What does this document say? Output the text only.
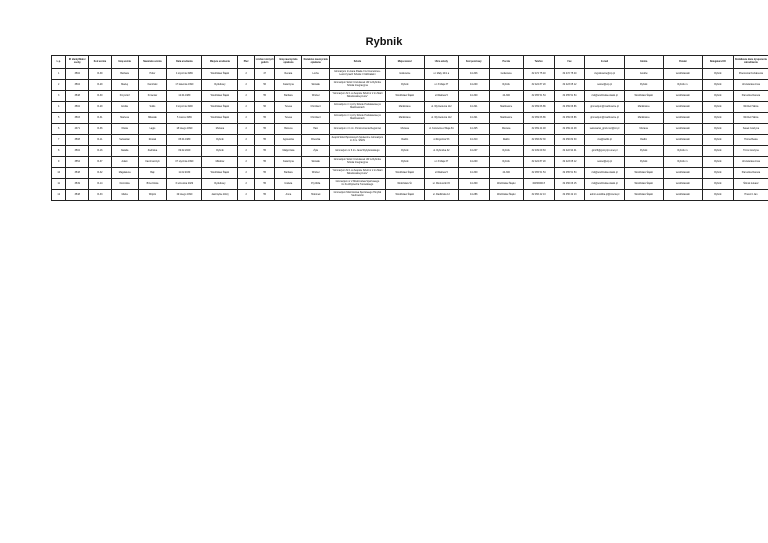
Rybnik
L.p.	ID identyfikator osoby	Kod ucznia	Imię ucznia	Nazwisko ucznia	Data urodzenia	Miejsce urodzenia	Płeć	Liczba rocznych godzin	Imię nauczyciela opiekuna	Nazwisko nauczyciela opiekuna	Szkoła	Miejscowość	Ulica szkoły	Kod pocztowy	Poczta	Telefon	Fax	E-mail	Gmina	Powiat	Delegatura KO	Dodatkowe dane dysponenta zatrudnienia
1	3502	R-39	Barbara	Hofer	4 stycznia 1989	Wodzisław Śląski	2	47	Renata	Loche	Gimnazjum im.Jana Pawła II w Czerwionce-Leszczynach Szkoła z Oddziałami	Gotkowice	ul. Mały 10/1 a	44-346	Gotkowice	32 472 75 40	32 472 75 40	zsgotkowice@op.pl	Godów	wodzisławski	Rybnik	Pracownia Kształcenia
2	3504	R-29	Maciej	Kamiński	17 kwietnia 1990	Rydułtowy	2	56	Katarzyna	Słowiak	Gimnazjum Sióstr Urszulanek UR w Rybniku Szkoła Integracyjna	Rybnik	ul. 3 Maja 37	44-200	Rybnik	32 422 87 20	32 423 05 12	sekret@wp.pl	Rybnik	Rybnik m.	Rybnik	Urszulanka Anna
3	3548	R-30	Krzysztof	Kmieniar	12.04.1989	Wodzisław Śląski	2	55	Barbara	Wrobel	"Gimnazjum Nr 1 w Zespole Szkół nr 2 im.Marii Skłodowskiej-Curie"	Wodzisław Śląski	ul.Wałowa 5	44-300	44-300	32 455 51 54	32 455 51 54	zs2@wodzislaw-slaski.pl	Wodzisław Śląski	wodzisławski	Rybnik	Paruszka Danuta
4	3502	R-29	Emilia	Sołtis	9 stycznia 1990	Wodzisław Śląski	2	56	Teresa	Chrobacz	Gimnazjum nr 1 przy Szkole Podstawowej w Marklowicach	Marklowice	ul. Wyzwolenia 112	44-321	Marklowice	32 459 66 86	32 459 66 86	gimnazjum@marklowice.pl	Marklowice	wodzisławski	Rybnik	Wróbel Halina
5	3503	R-31	Marlena	Milasiak	5 marca 1989	Wodzisław Śląski	2	55	Teresa	Chrobacz	Gimnazjum nr 1 przy Szkole Podstawowej w Marklowicach	Marklowice	ul. Wyzwolenia 112	44-321	Marklowice	32 459 66 86	32 459 66 86	gimnazjum@marklowice.pl	Marklowice	wodzisławski	Rybnik	Wróbel Halina
6	4371	R-36	Oliwia	Lagis	18 lutego 1990	Mszana	2	55	Bożena	Hain	Gimnazjum nr 1 im. Porozumienia Regionów	Mszana	ul. Kościelna 2 Maja 81	44-325	Mszana	32 459 44 48	32 459 44 48	sekretariat_gim1msz@int.pl	Mszana	wodzisławski	Rybnik	Sasek Grażyna
7	3508	R-11	Sebastian	Rosiak	05.04.1989	Rybnik	2	55	Agnieszka	Rzeszka	Zespół Szkół Sportowych Społeczne Gimnazjum nr 3 im. ŚSDS	Radlin	ul.Rogozina 53	44-310	Radlin	32 456 82 30	32 456 82 30	zss@radlin.pl	Radlin	wodzisławski	Rybnik	Hrona Beata
8	3502	R-16	Natalia	Zielińska	09.02.2029	Rybnik	2	55	Małgorzata	Żyła	Gimnazjum nr 6 im. Jana Wyżykowskiego	Rybnik	ul. Rybnicka 32	44-207	Rybnik	32 439 09 63	32 422 94 01	gimrl6@gorzyzpi.onet.pl	Rybnik	Rybnik m.	Rybnik	Trzos Grażyna
9	3554	R-37	Adam	Kaczmarczyk	07 stycznia 1990	Mikołów	2	55	Katarzyna	Słowiak	Gimnazjum Sióstr Urszulanek UR w Rybniku Szkoła Integracyjna	Rybnik	ul. 3 Maja 37	44-200	Rybnik	32 422 87 20	32 423 05 12	sekret@wp.pl	Rybnik	Rybnik m.	Rybnik	Urszulanka Anna
10	3548	R-32	Magdalena	Bąk	11.02.2030	Wodzisław Śląski	2	55	Barbara	Wrobel	"Gimnazjum Nr 1 w Zespole Szkół nr 2 im.Marii Skłodowskiej-Curie"	Wodzisław Śląski	ul.Wałowa 5	44-300	44-300	32 455 51 54	32 455 51 54	zs2@wodzislaw-slaski.pl	Wodzisław Śląski	wodzisławski	Rybnik	Paruszka Danuta
11	3549	R-14	Dominika	Brzezińska	6 września 2029	Rydułtowy	2	55	Izabela	Pryzbilla	Gimnazjum nr 2 Mistrzostwa Sportowego im.Ks.Wojciecha Turowskiego	Wodzisław Śl.	ul. Moniuszki 15	44-300	Wodzisław Śląski	32456000 8	32 456 06 15	zs2@wodzislaw-slaski.pl	Wodzisław Śląski	wodzisławski	Rybnik	Ślimok Łukasz
12	3548	R-33	Marta	Wójcik	19 lutego 1990	Jastrzębie Zdrój	2	55	Anna	Hołomek	Gimnazjum Mistrzostwa Sportowego Hmybik Stebrowicki	Wodzisław Śląski	ul. Radlińska 12	44-286	Wodzisław Śląski	32 456 42 13	32 456 42 13	admin.sosbiba.pl@interia.pl	Wodzisław Śląski	wodzisławski	Rybnik	Hruszcz Jan
